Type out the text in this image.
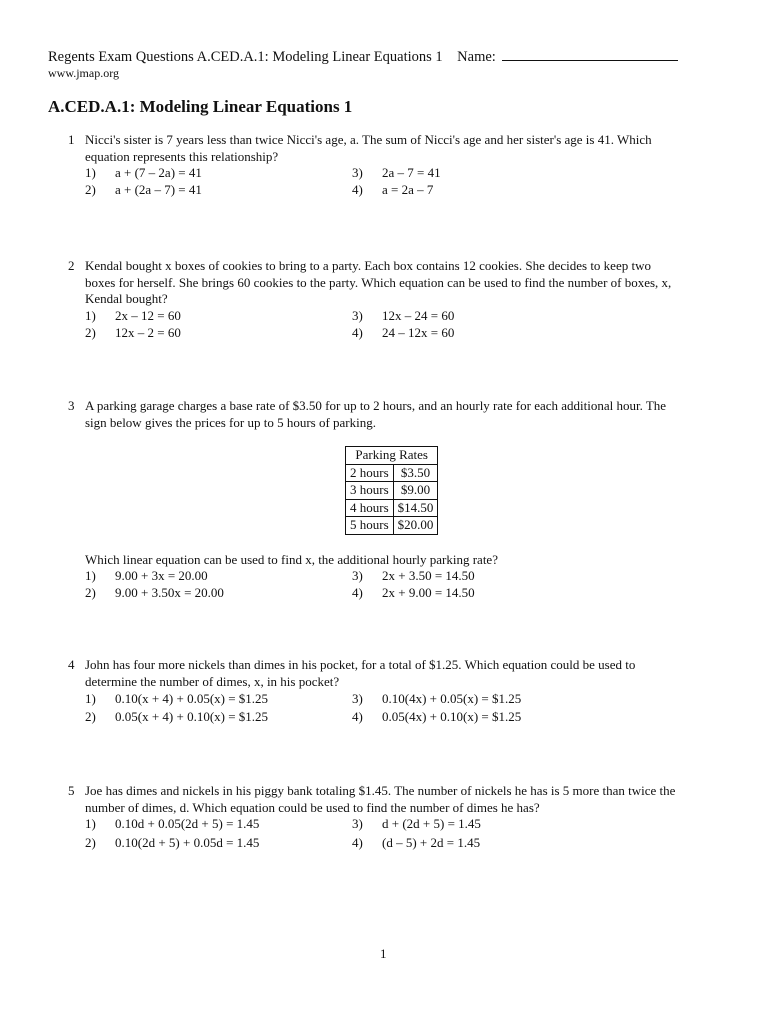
Regents Exam Questions A.CED.A.1: Modeling Linear Equations 1 Name:
www.jmap.org
A.CED.A.1: Modeling Linear Equations 1
1 Nicci's sister is 7 years less than twice Nicci's age, a. The sum of Nicci's age and her sister's age is 41. Which
equation represents this relationship?
1) a + (7 – 2a) = 41
2) a + (2a – 7) = 41
3) 2a – 7 = 41
4) a = 2a – 7
2 Kendal bought x boxes of cookies to bring to a party. Each box contains 12 cookies. She decides to keep two
boxes for herself. She brings 60 cookies to the party. Which equation can be used to find the number of boxes, x,
Kendal bought?
1) 2x – 12 = 60
2) 12x – 2 = 60
3) 12x – 24 = 60
4) 24 – 12x = 60
3 A parking garage charges a base rate of $3.50 for up to 2 hours, and an hourly rate for each additional hour. The
sign below gives the prices for up to 5 hours of parking.
Parking Rates	
2 hours	$3.50
3 hours	$9.00
4 hours	$14.50
5 hours	$20.00
Which linear equation can be used to find x, the additional hourly parking rate?
1) 9.00 + 3x = 20.00
2) 9.00 + 3.50x = 20.00
3) 2x + 3.50 = 14.50
4) 2x + 9.00 = 14.50
4 John has four more nickels than dimes in his pocket, for a total of $1.25. Which equation could be used to
determine the number of dimes, x, in his pocket?
1) 0.10(x + 4) + 0.05(x) = $1.25
2) 0.05(x + 4) + 0.10(x) = $1.25
3) 0.10(4x) + 0.05(x) = $1.25
4) 0.05(4x) + 0.10(x) = $1.25
5 Joe has dimes and nickels in his piggy bank totaling $1.45. The number of nickels he has is 5 more than twice the
number of dimes, d. Which equation could be used to find the number of dimes he has?
1) 0.10d + 0.05(2d + 5) = 1.45
2) 0.10(2d + 5) + 0.05d = 1.45
3) d + (2d + 5) = 1.45
4) (d – 5) + 2d = 1.45
1
